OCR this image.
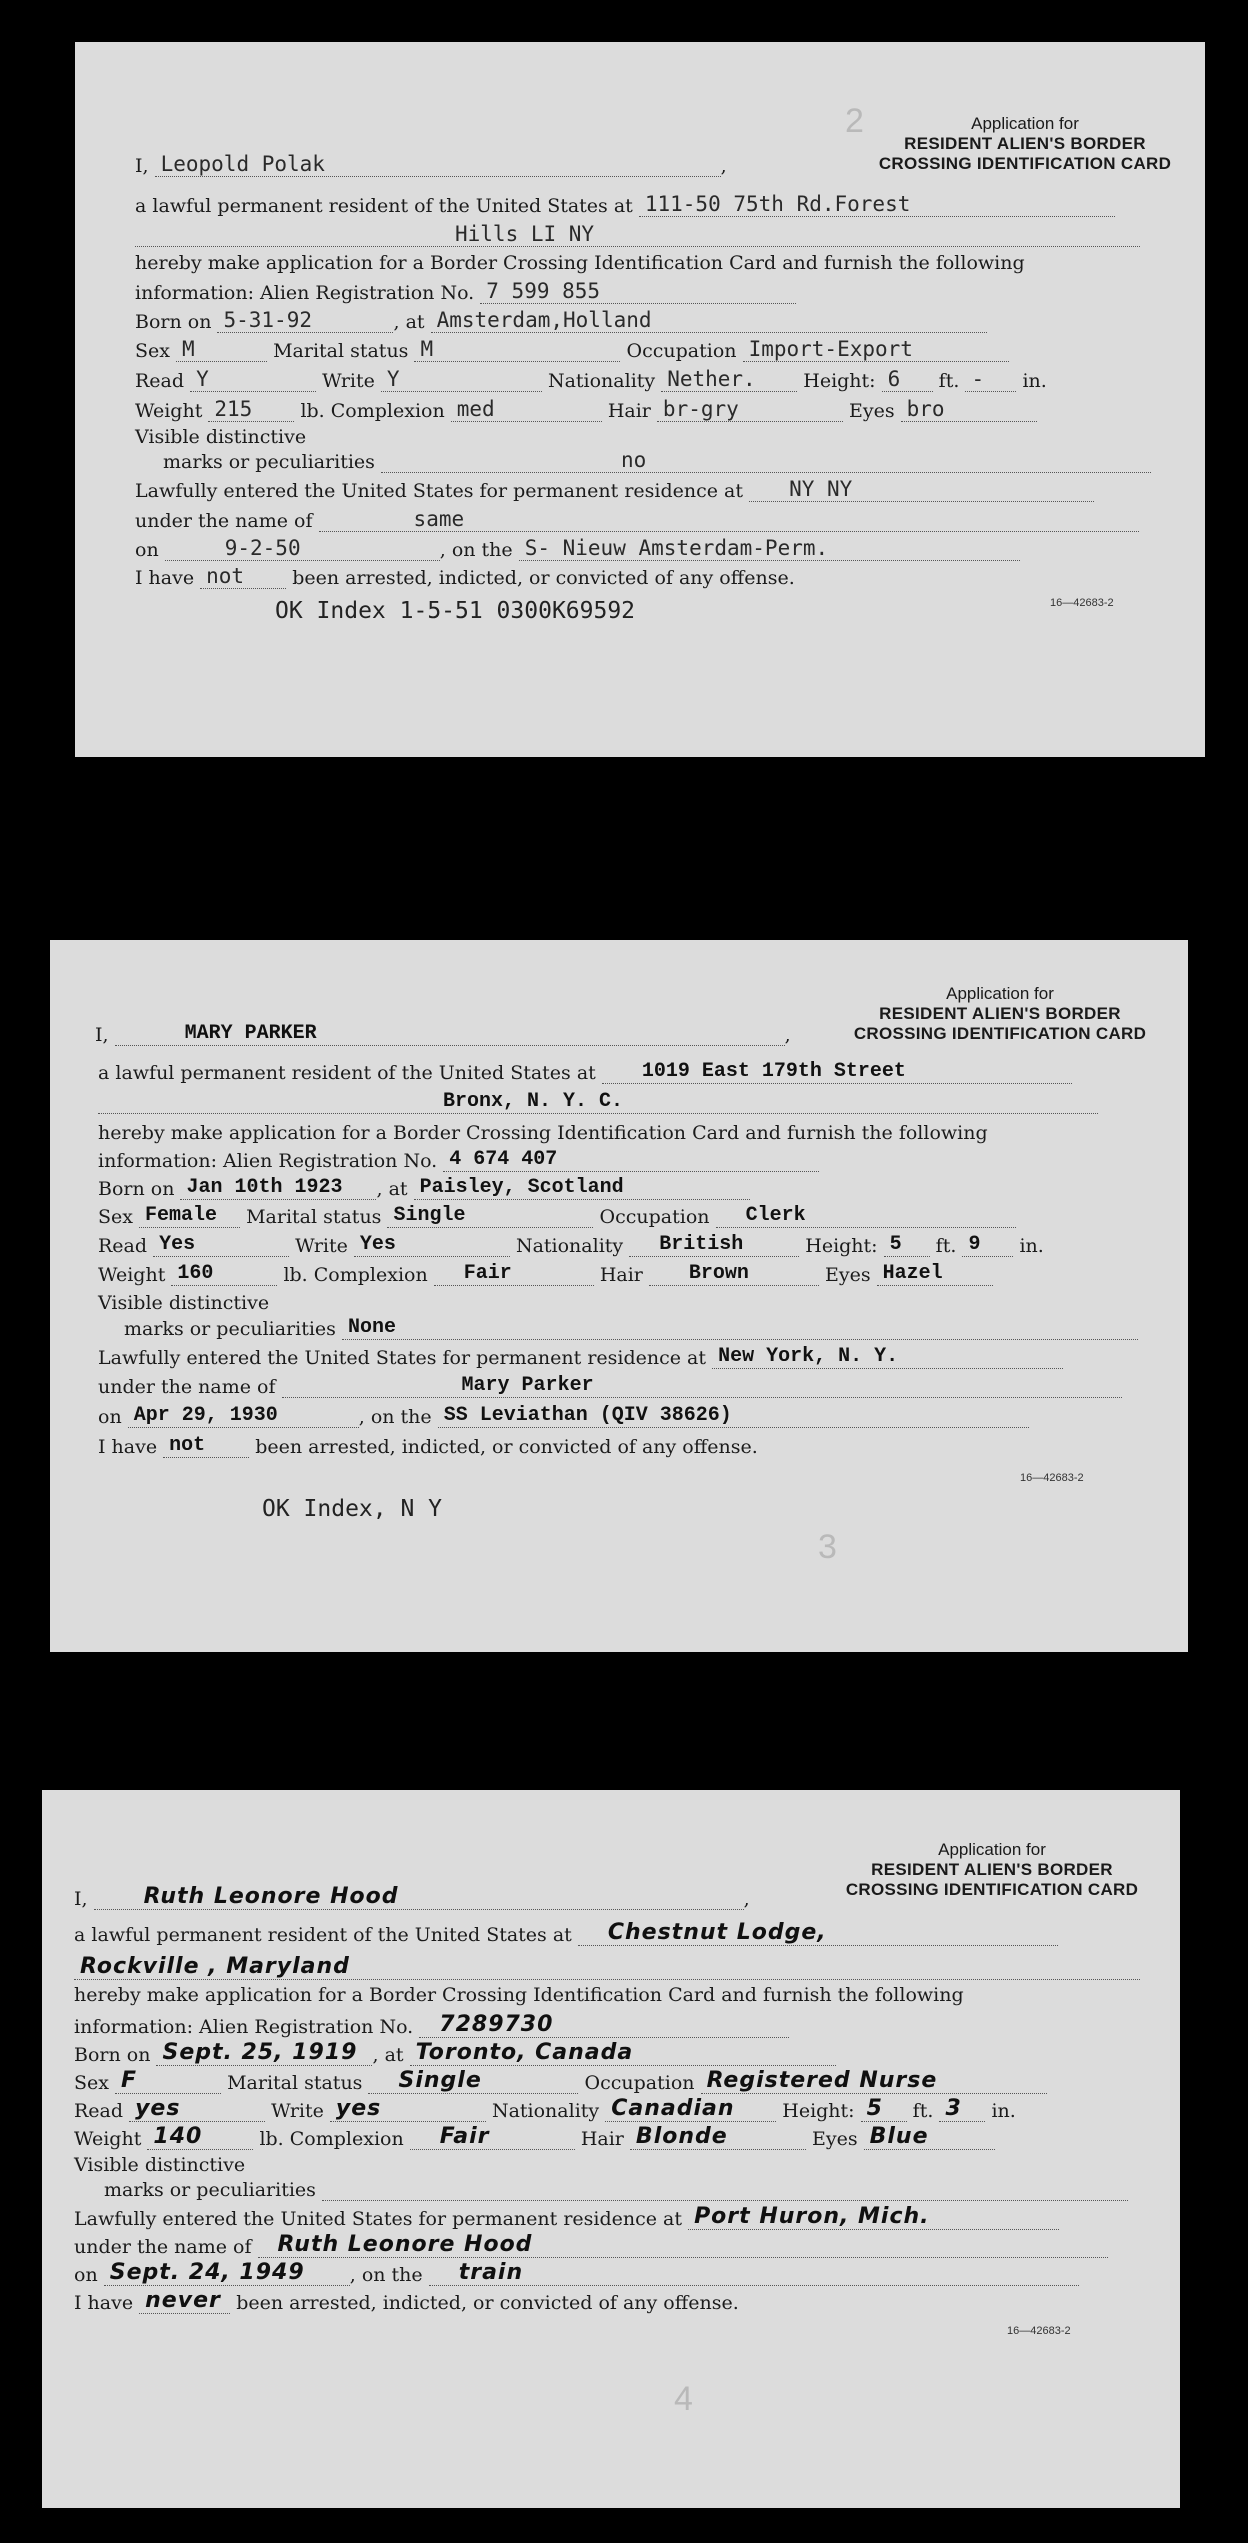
Application for
RESIDENT ALIEN'S BORDER
CROSSING IDENTIFICATION CARD
2
I, Leopold Polak	,
a lawful permanent resident of the United States at 111-50 75th Rd.Forest
Hills LI NY
hereby make application for a Border Crossing Identification Card and furnish the following
information: Alien Registration No. 7 599 855
Born on 5-31-92	, at Amsterdam,Holland
Sex M	Marital status M	Occupation Import-Export
Read Y	Write Y	Nationality Nether.	Height: 6 ft. - in.
Weight 215	lb. Complexion med	Hair br-gry	Eyes bro
Visible distinctive
marks or peculiarities	no
Lawfully entered the United States for permanent residence at NY NY
under the name of	same
on	9-2-50	, on the S- Nieuw Amsterdam-Perm.
I have not	been arrested, indicted, or convicted of any offense.
OK Index 1-5-51 0300K69592	16—42683-2
Application for
RESIDENT ALIEN'S BORDER
CROSSING IDENTIFICATION CARD
I,	MARY PARKER	,
a lawful permanent resident of the United States at 1019 East 179th Street
Bronx, N. Y. C.
hereby make application for a Border Crossing Identification Card and furnish the following
information: Alien Registration No. 4 674 407
Born on Jan 10th 1923 , at Paisley, Scotland
Sex Female Marital status Single	Occupation Clerk
Read Yes	Write Yes	Nationality British	Height: 5 ft. 9 in.
Weight 160	lb. Complexion Fair	Hair Brown	Eyes Hazel
Visible distinctive
marks or peculiarities None
Lawfully entered the United States for permanent residence at New York, N. Y.
under the name of	Mary Parker
on Apr 29, 1930	, on the SS Leviathan (QIV 38626)
I have not	been arrested, indicted, or convicted of any offense.
16—42683-2
OK Index, N Y
3
Application for
RESIDENT ALIEN'S BORDER
CROSSING IDENTIFICATION CARD
I,	Ruth Leonore Hood	,
a lawful permanent resident of the United States at Chestnut Lodge,
Rockville , Maryland
hereby make application for a Border Crossing Identification Card and furnish the following
information: Alien Registration No. 7289730
Born on Sept. 25, 1919 , at Toronto, Canada
Sex F	Marital status Single	Occupation Registered Nurse
Read yes	Write yes	Nationality Canadian	Height: 5 ft. 3 in.
Weight 140	lb. Complexion Fair	Hair Blonde	Eyes Blue
Visible distinctive
marks or peculiarities
Lawfully entered the United States for permanent residence at Port Huron, Mich.
under the name of Ruth Leonore Hood
on Sept. 24, 1949 , on the train
I have never been arrested, indicted, or convicted of any offense.
16—42683-2
4
